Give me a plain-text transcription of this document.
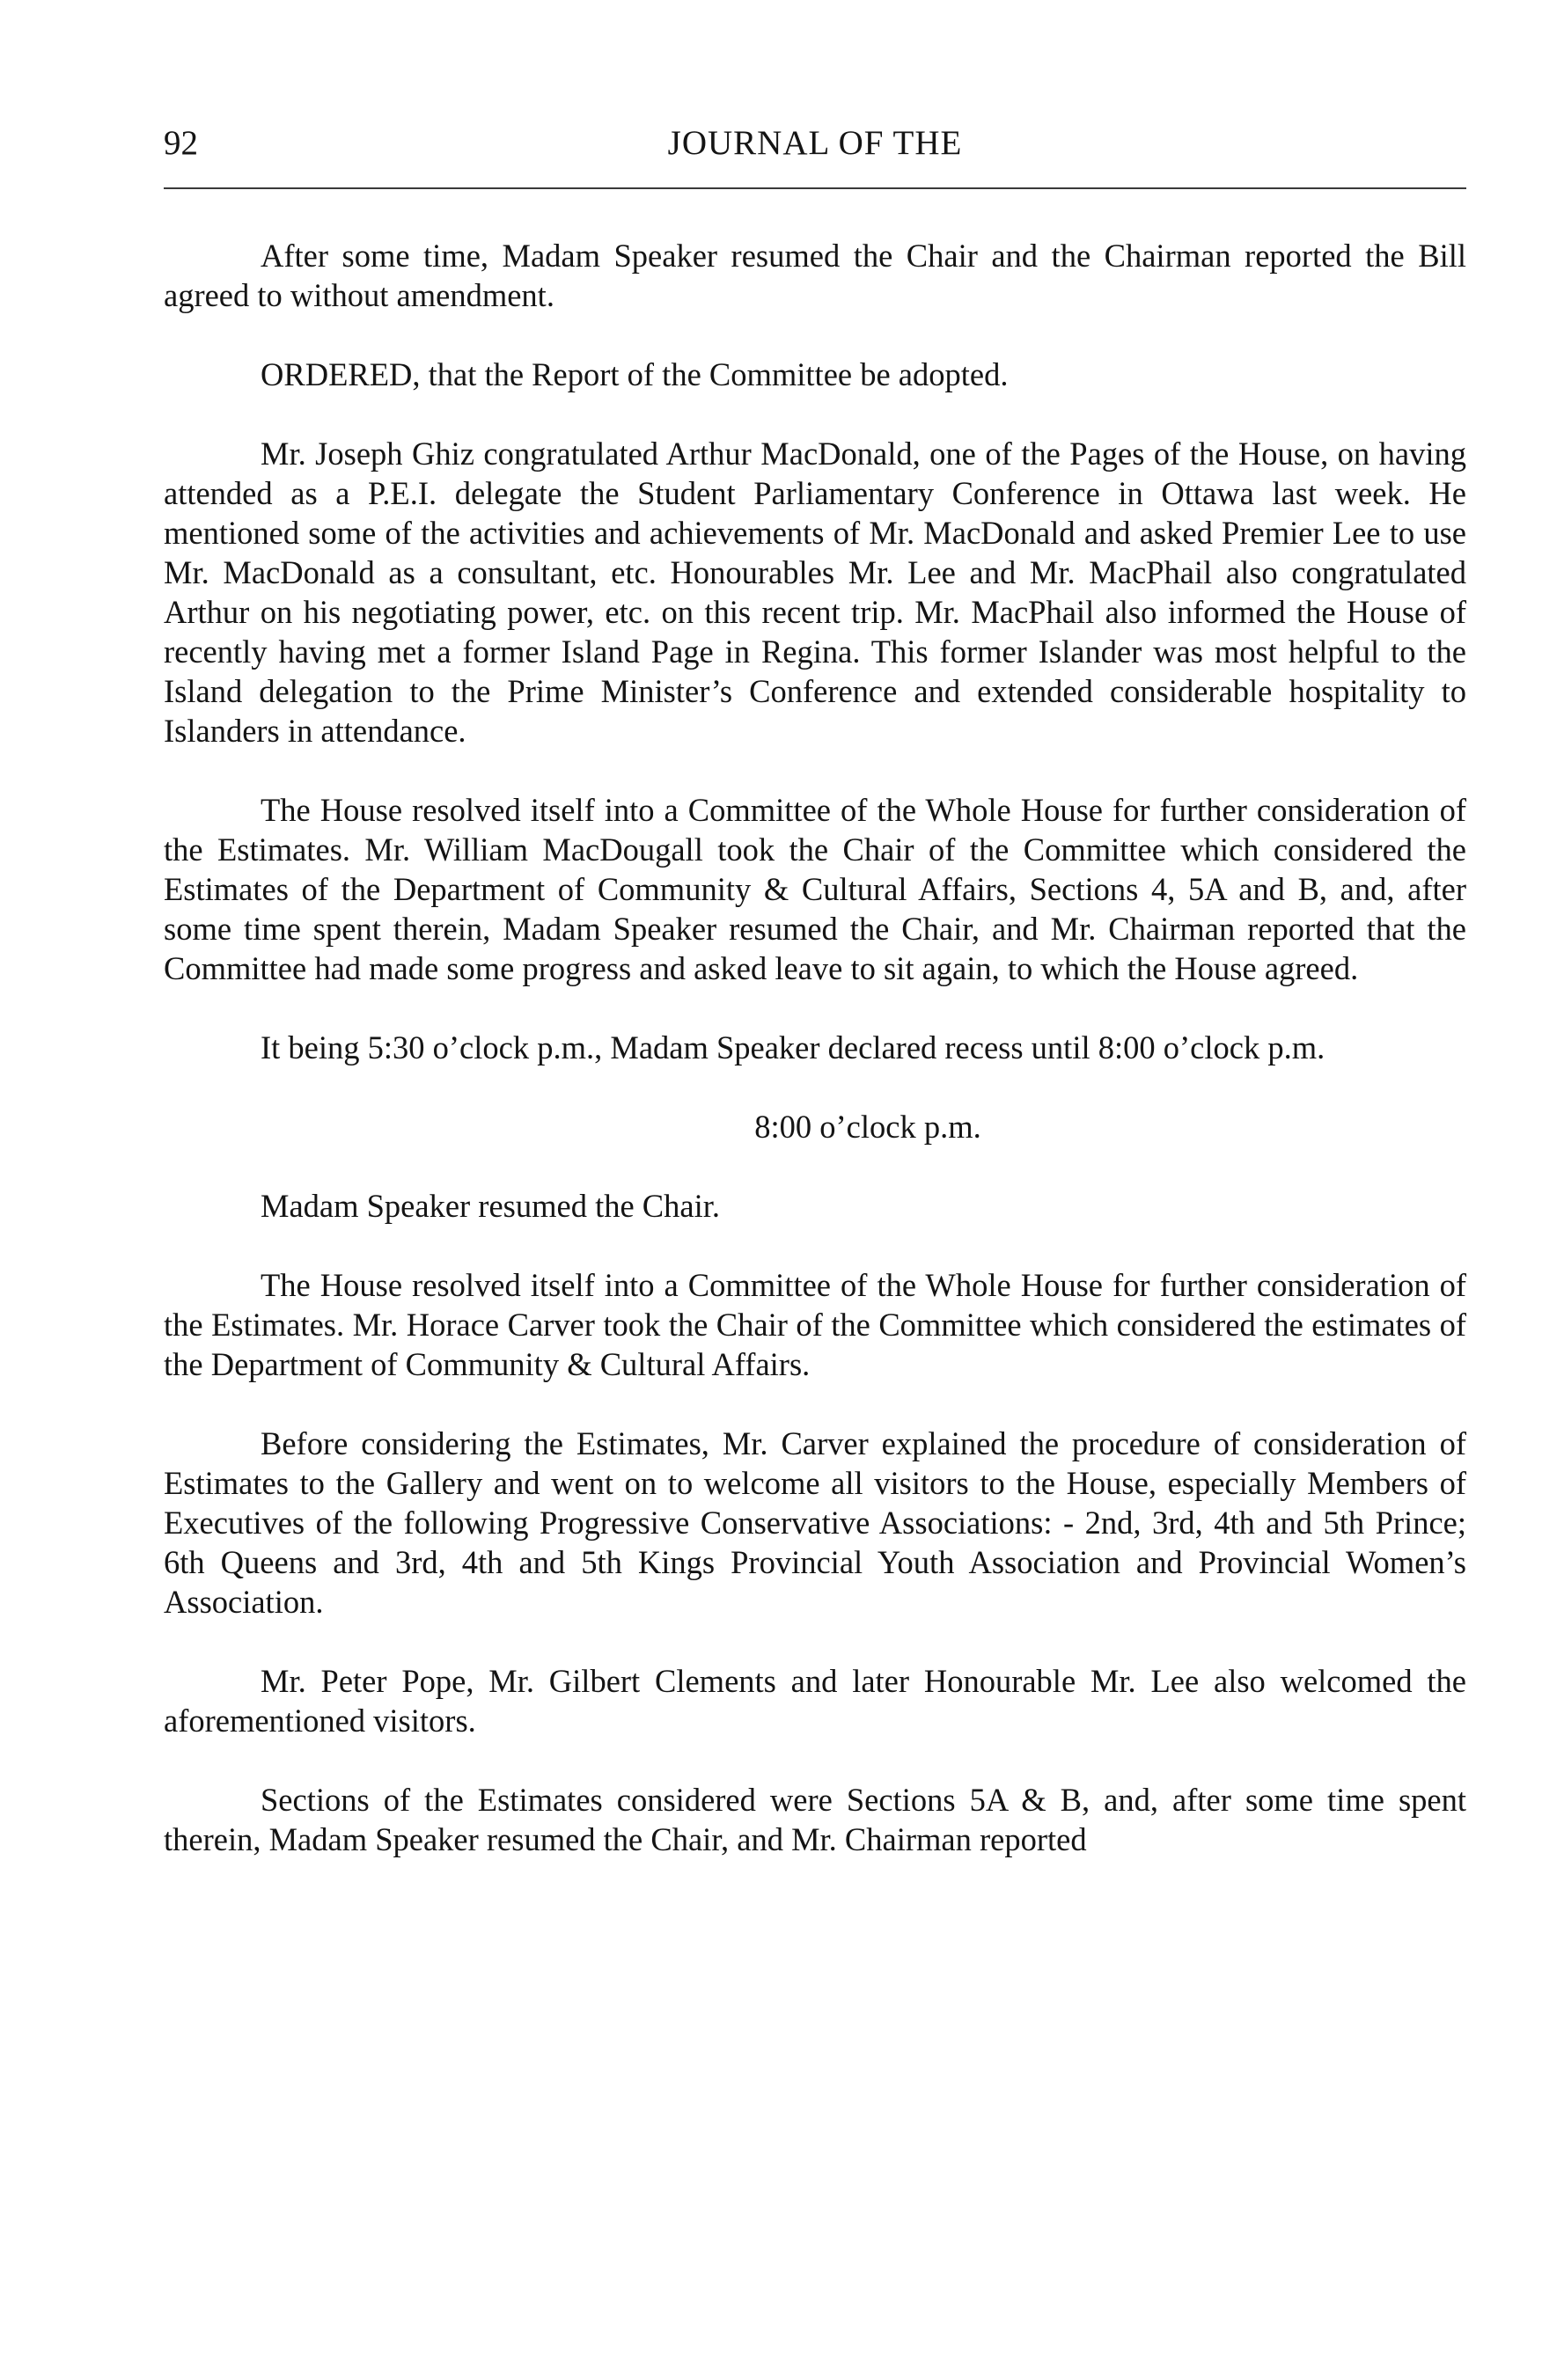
92	JOURNAL OF THE

After some time, Madam Speaker resumed the Chair and the Chairman reported the Bill agreed to without amendment.

ORDERED, that the Report of the Committee be adopted.

Mr. Joseph Ghiz congratulated Arthur MacDonald, one of the Pages of the House, on having attended as a P.E.I. delegate the Student Parliamentary Conference in Ottawa last week. He mentioned some of the activities and achievements of Mr. MacDonald and asked Premier Lee to use Mr. MacDonald as a consultant, etc. Honourables Mr. Lee and Mr. MacPhail also congratulated Arthur on his negotiating power, etc. on this recent trip. Mr. MacPhail also informed the House of recently having met a former Island Page in Regina. This former Islander was most helpful to the Island delegation to the Prime Minister’s Conference and extended considerable hospitality to Islanders in attendance.

The House resolved itself into a Committee of the Whole House for further consideration of the Estimates. Mr. William MacDougall took the Chair of the Committee which considered the Estimates of the Department of Community & Cultural Affairs, Sections 4, 5A and B, and, after some time spent therein, Madam Speaker resumed the Chair, and Mr. Chairman reported that the Committee had made some progress and asked leave to sit again, to which the House agreed.

It being 5:30 o’clock p.m., Madam Speaker declared recess until 8:00 o’clock p.m.

8:00 o’clock p.m.

Madam Speaker resumed the Chair.

The House resolved itself into a Committee of the Whole House for further consideration of the Estimates. Mr. Horace Carver took the Chair of the Committee which considered the estimates of the Department of Community & Cultural Affairs.

Before considering the Estimates, Mr. Carver explained the procedure of consideration of Estimates to the Gallery and went on to welcome all visitors to the House, especially Members of Executives of the following Progressive Conservative Associations: - 2nd, 3rd, 4th and 5th Prince; 6th Queens and 3rd, 4th and 5th Kings Provincial Youth Association and Provincial Women’s Association.

Mr. Peter Pope, Mr. Gilbert Clements and later Honourable Mr. Lee also welcomed the aforementioned visitors.

Sections of the Estimates considered were Sections 5A & B, and, after some time spent therein, Madam Speaker resumed the Chair, and Mr. Chairman reported
